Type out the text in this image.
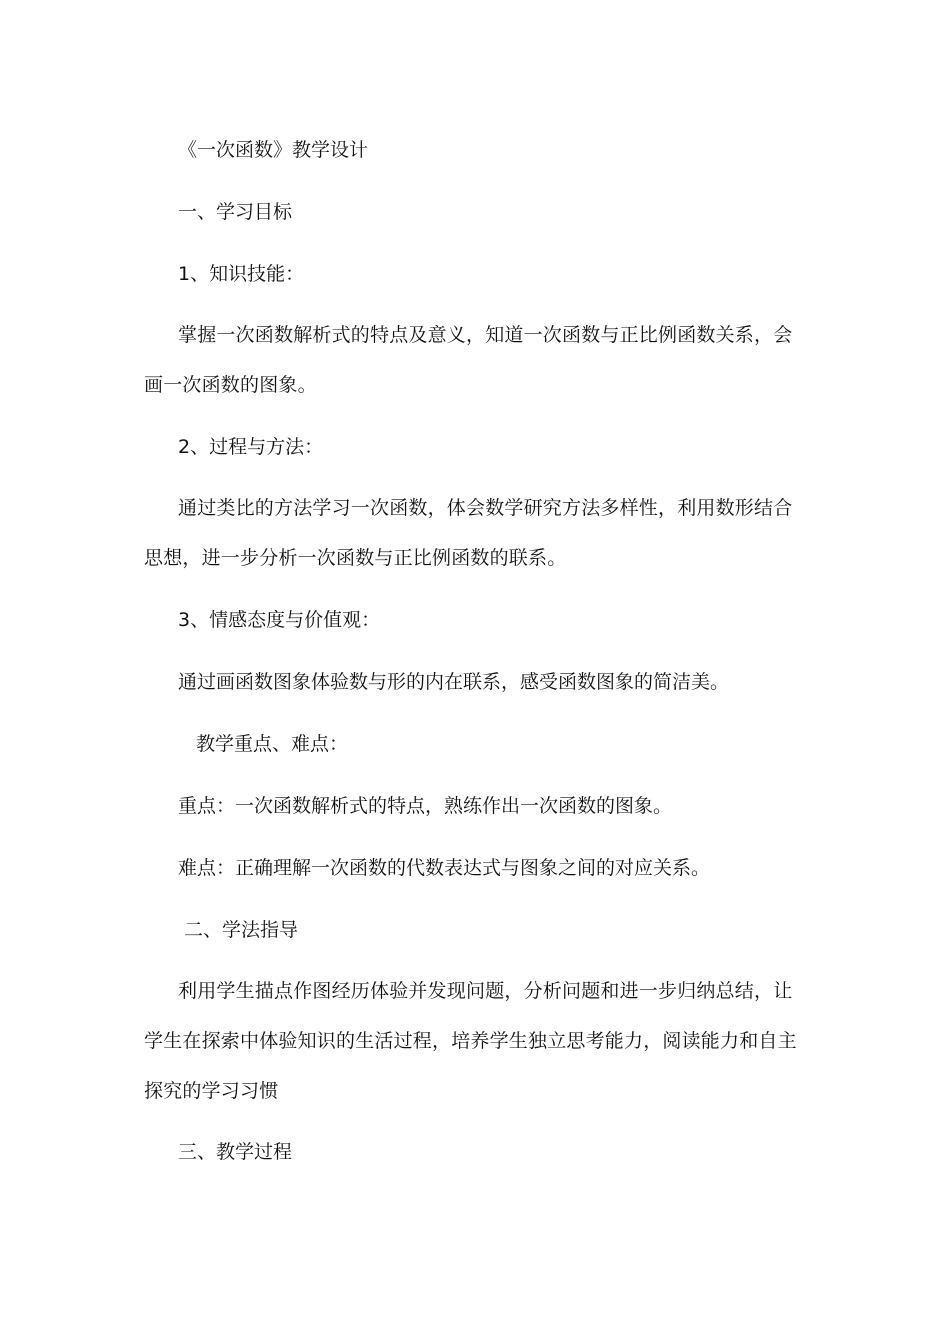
《一次函数》教学设计
一、学习目标
1、知识技能：
掌握一次函数解析式的特点及意义，知道一次函数与正比例函数关系，会画一次函数的图象。
2、过程与方法：
通过类比的方法学习一次函数，体会数学研究方法多样性，利用数形结合思想，进一步分析一次函数与正比例函数的联系。
3、情感态度与价值观：
通过画函数图象体验数与形的内在联系，感受函数图象的简洁美。
教学重点、难点：
重点：一次函数解析式的特点，熟练作出一次函数的图象。
难点：正确理解一次函数的代数表达式与图象之间的对应关系。
二、学法指导
利用学生描点作图经历体验并发现问题，分析问题和进一步归纳总结，让学生在探索中体验知识的生活过程，培养学生独立思考能力，阅读能力和自主探究的学习习惯
三、教学过程
